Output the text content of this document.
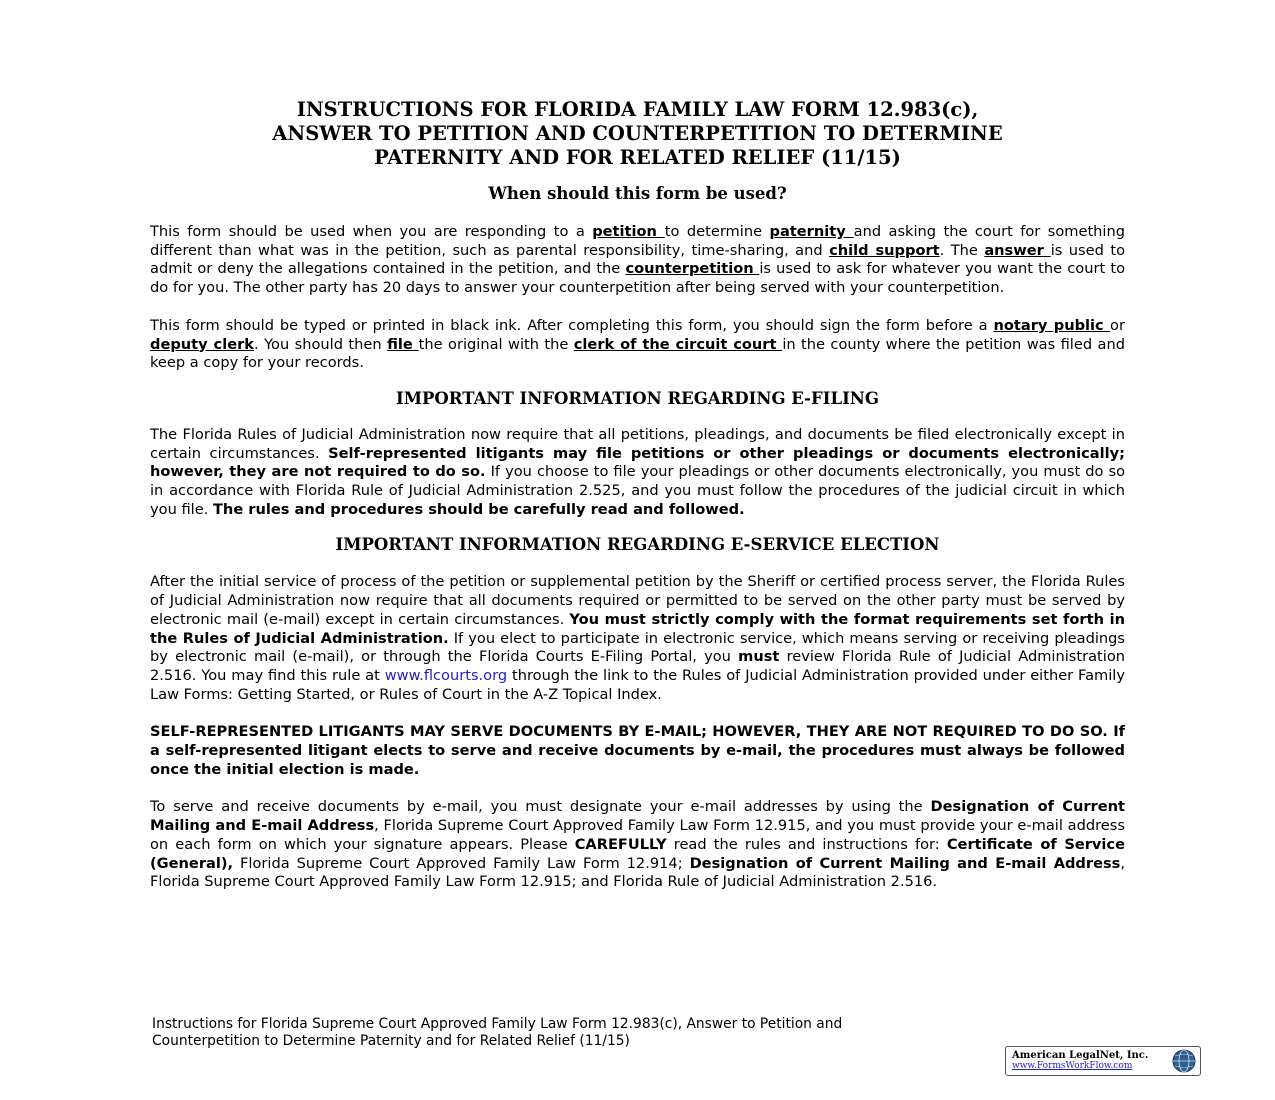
INSTRUCTIONS FOR FLORIDA FAMILY LAW FORM 12.983(c),

ANSWER TO PETITION AND COUNTERPETITION TO DETERMINE

PATERNITY AND FOR RELATED RELIEF (11/15)

When should this form be used?

This form should be used when you are responding to a petition to determine paternity and asking the court for something different than what was in the petition, such as parental responsibility, time-sharing, and child support. The answer is used to admit or deny the allegations contained in the petition, and the counterpetition is used to ask for whatever you want the court to do for you. The other party has 20 days to answer your counterpetition after being served with your counterpetition.

This form should be typed or printed in black ink. After completing this form, you should sign the form before a notary public or deputy clerk. You should then file the original with the clerk of the circuit court in the county where the petition was filed and keep a copy for your records.

IMPORTANT INFORMATION REGARDING E-FILING

The Florida Rules of Judicial Administration now require that all petitions, pleadings, and documents be filed electronically except in certain circumstances. Self-represented litigants may file petitions or other pleadings or documents electronically; however, they are not required to do so. If you choose to file your pleadings or other documents electronically, you must do so in accordance with Florida Rule of Judicial Administration 2.525, and you must follow the procedures of the judicial circuit in which you file. The rules and procedures should be carefully read and followed.

IMPORTANT INFORMATION REGARDING E-SERVICE ELECTION

After the initial service of process of the petition or supplemental petition by the Sheriff or certified process server, the Florida Rules of Judicial Administration now require that all documents required or permitted to be served on the other party must be served by electronic mail (e-mail) except in certain circumstances. You must strictly comply with the format requirements set forth in the Rules of Judicial Administration. If you elect to participate in electronic service, which means serving or receiving pleadings by electronic mail (e-mail), or through the Florida Courts E-Filing Portal, you must review Florida Rule of Judicial Administration 2.516. You may find this rule at www.flcourts.org through the link to the Rules of Judicial Administration provided under either Family Law Forms: Getting Started, or Rules of Court in the A-Z Topical Index.

SELF-REPRESENTED LITIGANTS MAY SERVE DOCUMENTS BY E-MAIL; HOWEVER, THEY ARE NOT REQUIRED TO DO SO. If a self-represented litigant elects to serve and receive documents by e-mail, the procedures must always be followed once the initial election is made.

To serve and receive documents by e-mail, you must designate your e-mail addresses by using the Designation of Current Mailing and E-mail Address, Florida Supreme Court Approved Family Law Form 12.915, and you must provide your e-mail address on each form on which your signature appears. Please CAREFULLY read the rules and instructions for: Certificate of Service (General), Florida Supreme Court Approved Family Law Form 12.914; Designation of Current Mailing and E-mail Address, Florida Supreme Court Approved Family Law Form 12.915; and Florida Rule of Judicial Administration 2.516.

Instructions for Florida Supreme Court Approved Family Law Form 12.983(c), Answer to Petition and
Counterpetition to Determine Paternity and for Related Relief (11/15)
American LegalNet, Inc.
www.FormsWorkFlow.com
